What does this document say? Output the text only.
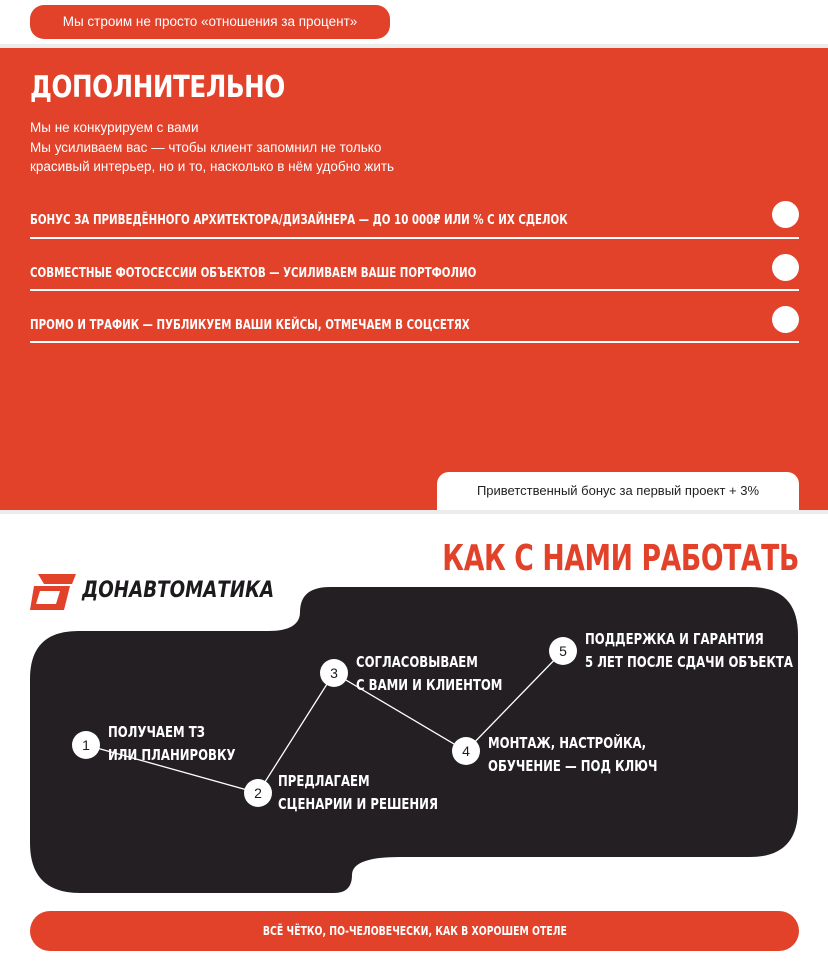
Мы строим не просто «отношения за процент»
ДОПОЛНИТЕЛЬНО

Мы не конкурируем с вами

Мы усиливаем вас — чтобы клиент запомнил не только

красивый интерьер, но и то, насколько в нём удобно жить

БОНУС ЗА ПРИВЕДЁННОГО АРХИТЕКТОРА/ДИЗАЙНЕРА — ДО 10 000₽ ИЛИ % С ИХ СДЕЛОК
СОВМЕСТНЫЕ ФОТОСЕССИИ ОБЪЕКТОВ — УСИЛИВАЕМ ВАШЕ ПОРТФОЛИО
ПРОМО И ТРАФИК — ПУБЛИКУЕМ ВАШИ КЕЙСЫ, ОТМЕЧАЕМ В СОЦСЕТЯХ
Приветственный бонус за первый проект + 3%
КАК С НАМИ РАБОТАТЬ
ДОНАВТОМАТИКА
1
ПОЛУЧАЕМ ТЗ
ИЛИ ПЛАНИРОВКУ
2
ПРЕДЛАГАЕМ
СЦЕНАРИИ И РЕШЕНИЯ
3
СОГЛАСОВЫВАЕМ
С ВАМИ И КЛИЕНТОМ
4	МОНТАЖ, НАСТРОЙКА,
ОБУЧЕНИЕ — ПОД КЛЮЧ
5
ПОДДЕРЖКА И ГАРАНТИЯ
5 ЛЕТ ПОСЛЕ СДАЧИ ОБЪЕКТА
ВСЁ ЧЁТКО, ПО-ЧЕЛОВЕЧЕСКИ, КАК В ХОРОШЕМ ОТЕЛЕ
